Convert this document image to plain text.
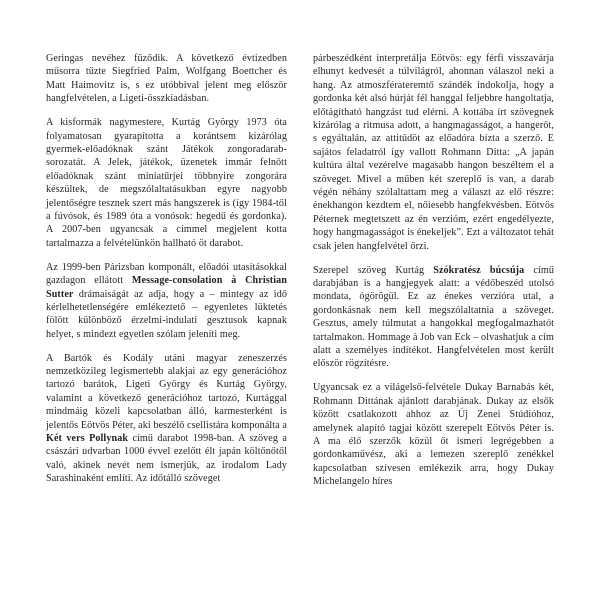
Geringas nevéhez fűződik. A következő évtizedben műsorra tűzte Siegfried Palm, Wolfgang Boettcher és Matt Haimovitz is, s ez utóbbival jelent meg először hangfelvételen, a Ligeti-összkiadásban.

A kisformák nagymestere, Kurtág György 1973 óta folyamatosan gyarapította a korántsem kizárólag gyermek-előadóknak szánt Játékok zongoradarab-sorozatát. A Jelek, játékok, üzenetek immár felnőtt előadóknak szánt miniatűrjei többnyire zongorára készültek, de megszólaltatásukban egyre nagyobb jelentőségre tesznek szert más hangszerek is (így 1984-től a fúvósok, és 1989 óta a vonósok: hegedű és gordonka). A 2007-ben ugyancsak a címmel megjelent kotta tartalmazza a felvételünkön hallható öt darabot.

Az 1999-ben Párizsban komponált, előadói utasításokkal gazdagon ellátott Message-consolation à Christian Sutter drámaiságát az adja, hogy a – mintegy az idő kérlelhetetlenségére emlékeztető – egyenletes lüktetés fölött különböző érzelmi-indulati gesztusok kapnak helyet, s mindezt egyetlen szólam jeleníti meg.

A Bartók és Kodály utáni magyar zeneszerzés nemzetközileg legismertebb alakjai az egy generációhoz tartozó barátok, Ligeti György és Kurtág György, valamint a következő generációhoz tartozó, Kurtággal mindmáig közeli kapcsolatban álló, karmesterként is jelentős Eötvös Péter, aki beszélő csellistára komponálta a Két vers Pollynak című darabot 1998-ban. A szöveg a császári udvarban 1000 évvel ezelőtt élt japán költőnőtől való, akinek nevét nem ismerjük, az irodalom Lady Sarashinaként említi. Az időtálló szöveget

párbeszédként interpretálja Eötvös: egy férfi visszavárja elhunyt kedvesét a túlvilágról, ahonnan válaszol neki a hang. Az atmoszférateremtő szándék indokolja, hogy a gordonka két alsó húrját fél hanggal feljebbre hangoltatja, előtágítható hangzást tud elérni. A kottába írt szövegnek kizárólag a ritmusa adott, a hangmagasságot, a hangerőt, s egyáltalán, az attitűdöt az előadóra bízta a szerző. E sajátos feladatról így vallott Rohmann Ditta: „A japán kultúra által vezérelve magasabb hangon beszéltem el a szöveget. Mivel a műben két szereplő is van, a darab végén néhány szólaltattam meg a választ az elő részre: énekhangon kezdtem el, nőiesebb hangfekvésben. Eötvös Péternek megtetszett az én verzióm, ezért engedélyezte, hogy hangmagasságot is énekeljek”. Ezt a változatot tehát csak jelen hangfelvétel őrzi.

Szerepel szöveg Kurtág Szókratész búcsúja című darabjában is a hangjegyek alatt: a védőbeszéd utolsó mondata, ógörögül. Ez az énekes verzióra utal, a gordonkásnak nem kell megszólaltatnia a szöveget. Gesztus, amely túlmutat a hangokkal megfogalmazhatót tartalmakon. Hommage à Job van Eck – olvashatjuk a cím alatt a személyes indítékot. Hangfelvételen most került először rögzítésre.

Ugyancsak ez a világelső-felvétele Dukay Barnabás két, Rohmann Dittának ajánlott darabjának. Dukay az elsők között csatlakozott ahhoz az Új Zenei Stúdióhoz, amelynek alapító tagjai között szerepelt Eötvös Péter is. A ma élő szerzők közül őt ismeri legrégebben a gordonkaművész, aki a lemezen szereplő zenékkel kapcsolatban szívesen emlékezik arra, hogy Dukay Michelangelo híres
